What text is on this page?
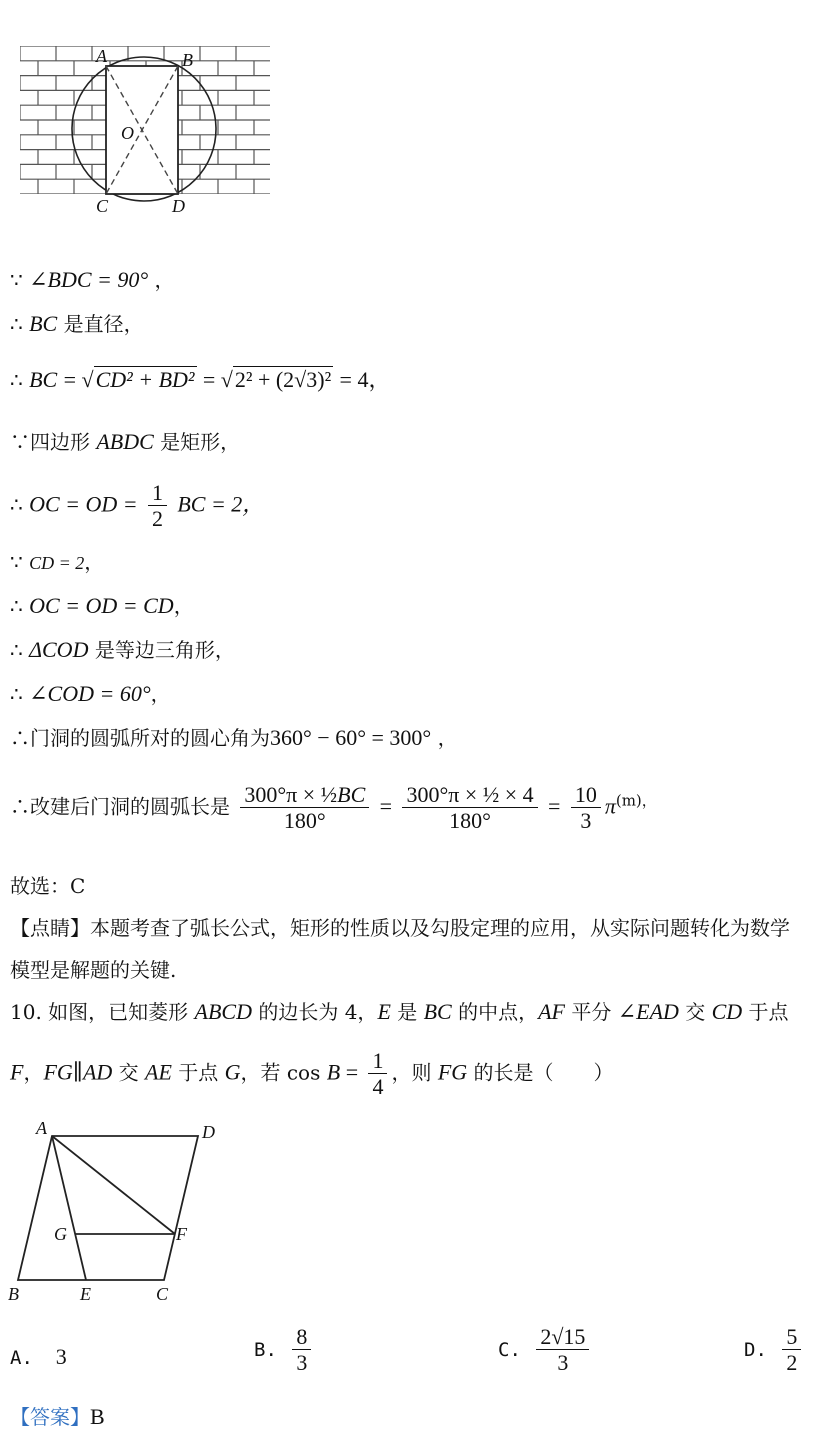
A	B
O
C	D
∵ ∠BDC = 90° ，
∴ BC 是直径，
∴ BC = √CD² + BD² = √2² + (2√3)² = 4，
∵四边形 ABDC 是矩形，
∴ OC = OD = $\frac{1}{2}$ BC = 2，
∵ CD = 2，
∴ OC = OD = CD，
∴ ΔCOD 是等边三角形，
∴ ∠COD = 60°，
∴门洞的圆弧所对的圆心角为360° − 60° = 300° ，
∴改建后门洞的圆弧长是 $\frac{\text{300°π × ½BC}}{180^\circ} = \frac{\text{300°π × ½ × 4}}{180^\circ} = \frac{10}{3} \pi^{(m),}$
故选：C
【点睛】本题考查了弧长公式，矩形的性质以及勾股定理的应用，从实际问题转化为数学
模型是解题的关键.
10. 如图，已知菱形 ABCD 的边长为 4，E 是 BC 的中点，AF 平分 ∠EAD 交 CD 于点
F，FG∥AD 交 AE 于点 G，若 $\cos B = \frac{1}{4}$ ，则 FG 的长是（　　）
A	D
G	F
B	E	C
A. 3	B. $\frac{8}{3}$	C. $\frac{2√15}{3}$	D. $\frac{5}{2}$
【答案】B
